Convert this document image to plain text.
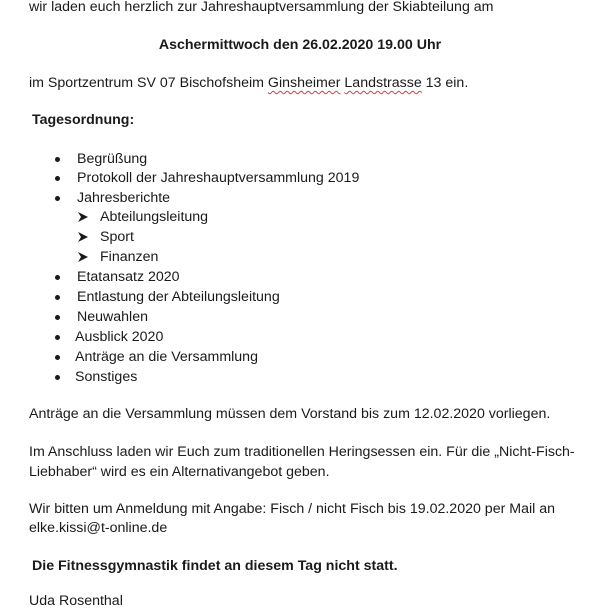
wir laden euch herzlich zur Jahreshauptversammlung der Skiabteilung am
Aschermittwoch den 26.02.2020 19.00 Uhr
im Sportzentrum SV 07 Bischofsheim Ginsheimer Landstrasse 13 ein.
Tagesordnung:
Begrüßung
Protokoll der Jahreshauptversammlung 2019
Jahresberichte
Abteilungsleitung
Sport
Finanzen
Etatansatz 2020
Entlastung der Abteilungsleitung
Neuwahlen
Ausblick 2020
Anträge an die Versammlung
Sonstiges
Anträge an die Versammlung müssen dem Vorstand bis zum 12.02.2020 vorliegen.
Im Anschluss laden wir Euch zum traditionellen Heringsessen ein. Für die „Nicht-Fisch-
Liebhaber“ wird es ein Alternativangebot geben.
Wir bitten um Anmeldung mit Angabe: Fisch / nicht Fisch bis 19.02.2020 per Mail an
elke.kissi@t-online.de
Die Fitnessgymnastik findet an diesem Tag nicht statt.
Uda Rosenthal
